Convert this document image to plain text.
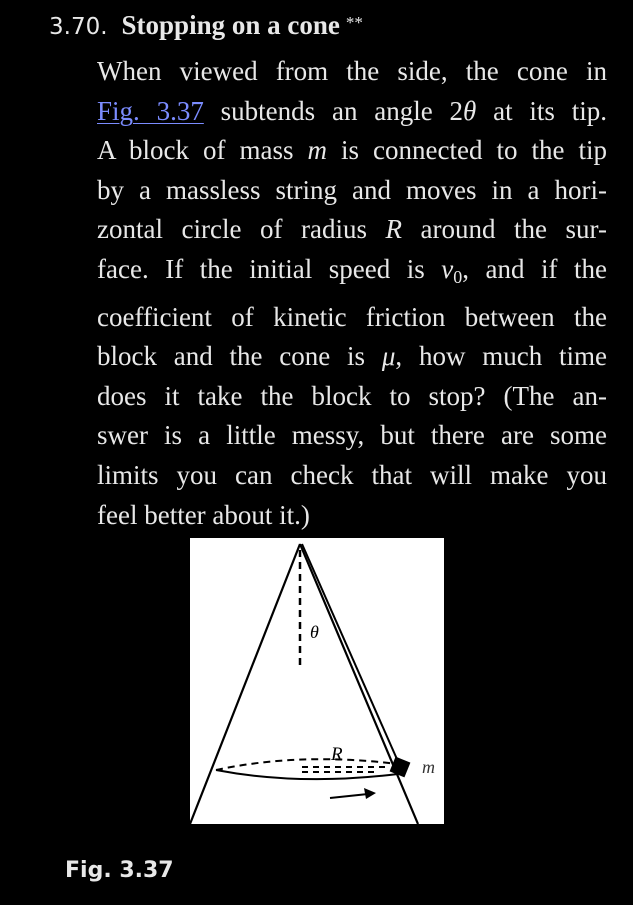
3.70. Stopping on a cone **
When viewed from the side, the cone in
Fig. 3.37 subtends an angle 2θ at its tip.
A block of mass m is connected to the tip
by a massless string and moves in a hori-
zontal circle of radius R around the sur-
face. If the initial speed is $v_0$, and if the
coefficient of kinetic friction between the
block and the cone is μ, how much time
does it take the block to stop? (The an-
swer is a little messy, but there are some
limits you can check that will make you
feel better about it.)
θ
R
m
Fig. 3.37
